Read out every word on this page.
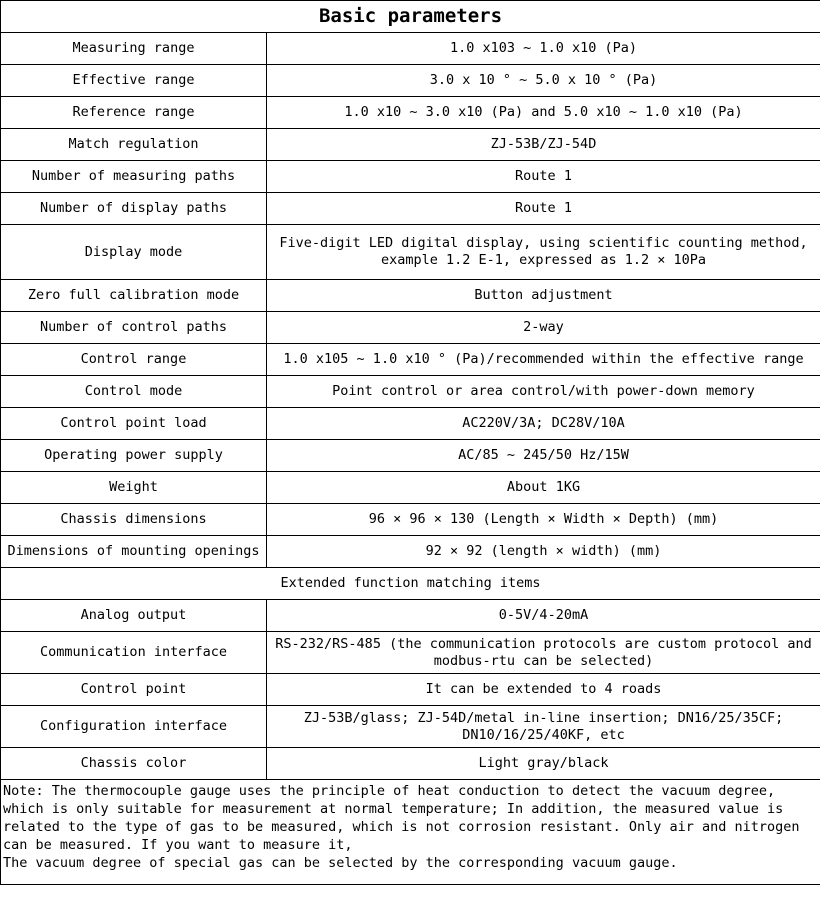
Basic parameters	
Measuring range	1.0 x103 ~ 1.0 x10 (Pa)
Effective range	3.0 x 10 ° ~ 5.0 x 10 ° (Pa)
Reference range	1.0 x10 ~ 3.0 x10 (Pa) and 5.0 x10 ~ 1.0 x10 (Pa)
Match regulation	ZJ-53B/ZJ-54D
Number of measuring paths	Route 1
Number of display paths	Route 1
Display mode	Five-digit LED digital display, using scientific counting method, example 1.2 E-1, expressed as 1.2 × 10Pa
Zero full calibration mode	Button adjustment
Number of control paths	2-way
Control range	1.0 x105 ~ 1.0 x10 ° (Pa)/recommended within the effective range
Control mode	Point control or area control/with power-down memory
Control point load	AC220V/3A; DC28V/10A
Operating power supply	AC/85 ~ 245/50 Hz/15W
Weight	About 1KG
Chassis dimensions	96 × 96 × 130 (Length × Width × Depth) (mm)
Dimensions of mounting openings	92 × 92 (length × width) (mm)
Extended function matching items	
Analog output	0-5V/4-20mA
Communication interface	RS-232/RS-485 (the communication protocols are custom protocol and modbus-rtu can be selected)
Control point	It can be extended to 4 roads
Configuration interface	ZJ-53B/glass; ZJ-54D/metal in-line insertion; DN16/25/35CF; DN10/16/25/40KF, etc
Chassis color	Light gray/black

Note: The thermocouple gauge uses the principle of heat conduction to detect the vacuum degree, which is only suitable for measurement at normal temperature; In addition, the measured value is related to the type of gas to be measured, which is not corrosion resistant. Only air and nitrogen can be measured. If you want to measure it,
The vacuum degree of special gas can be selected by the corresponding vacuum gauge.	
